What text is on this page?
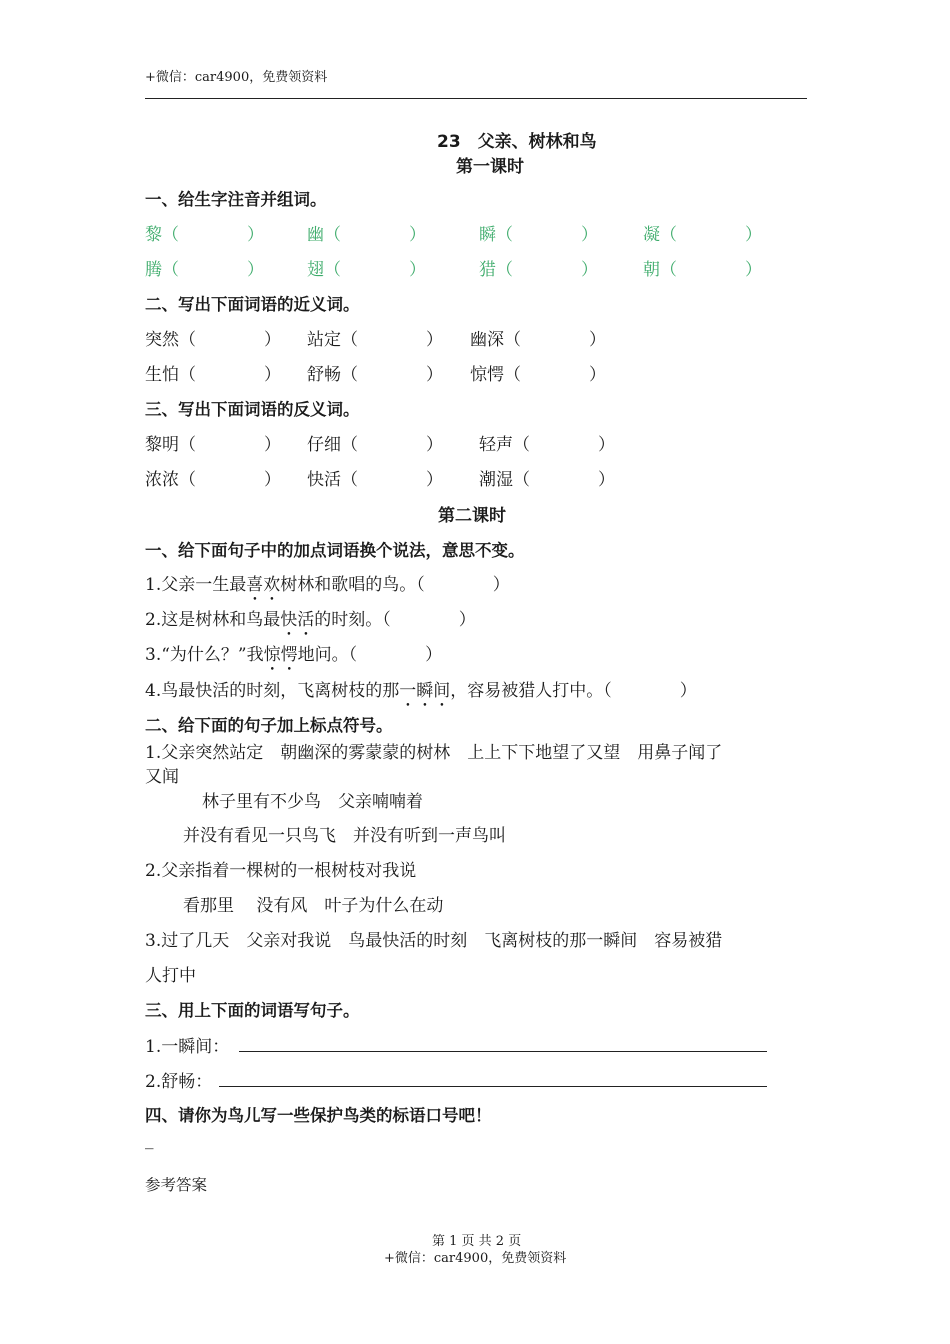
+微信：car4900，免费领资料
23　父亲、树林和鸟
第一课时
一、给生字注音并组词。
黎（　　　　）	幽（　　　　）	瞬（　　　　）	凝（　　　　）
腾（　　　　）	翅（　　　　）	猎（　　　　）	朝（　　　　）
二、写出下面词语的近义词。
突然（　　　　） 站定（　　　　） 幽深（　　　　）
生怕（　　　　） 舒畅（　　　　） 惊愕（　　　　）
三、写出下面词语的反义词。
黎明（　　　　） 仔细（　　　　） 轻声（　　　　）
浓浓（　　　　） 快活（　　　　） 潮湿（　　　　）
第二课时
一、给下面句子中的加点词语换个说法，意思不变。
1.父亲一生最喜欢树林和歌唱的鸟。（　　　　）
2.这是树林和鸟最快活的时刻。（　　　　）
3.“为什么？”我惊愕地问。（　　　　）
4.鸟最快活的时刻，飞离树枝的那一瞬间，容易被猎人打中。（　　　　）
二、给下面的句子加上标点符号。
1.父亲突然站定　朝幽深的雾蒙蒙的树林　上上下下地望了又望　用鼻子闻了
又闻
林子里有不少鸟　父亲喃喃着
并没有看见一只鸟飞　并没有听到一声鸟叫
2.父亲指着一棵树的一根树枝对我说
看那里　 没有风　叶子为什么在动
3.过了几天　父亲对我说　鸟最快活的时刻　飞离树枝的那一瞬间　容易被猎
人打中
三、用上下面的词语写句子。
1.一瞬间：
2.舒畅：
四、请你为鸟儿写一些保护鸟类的标语口号吧！
_
参考答案
第 1 页 共 2 页
+微信：car4900，免费领资料
